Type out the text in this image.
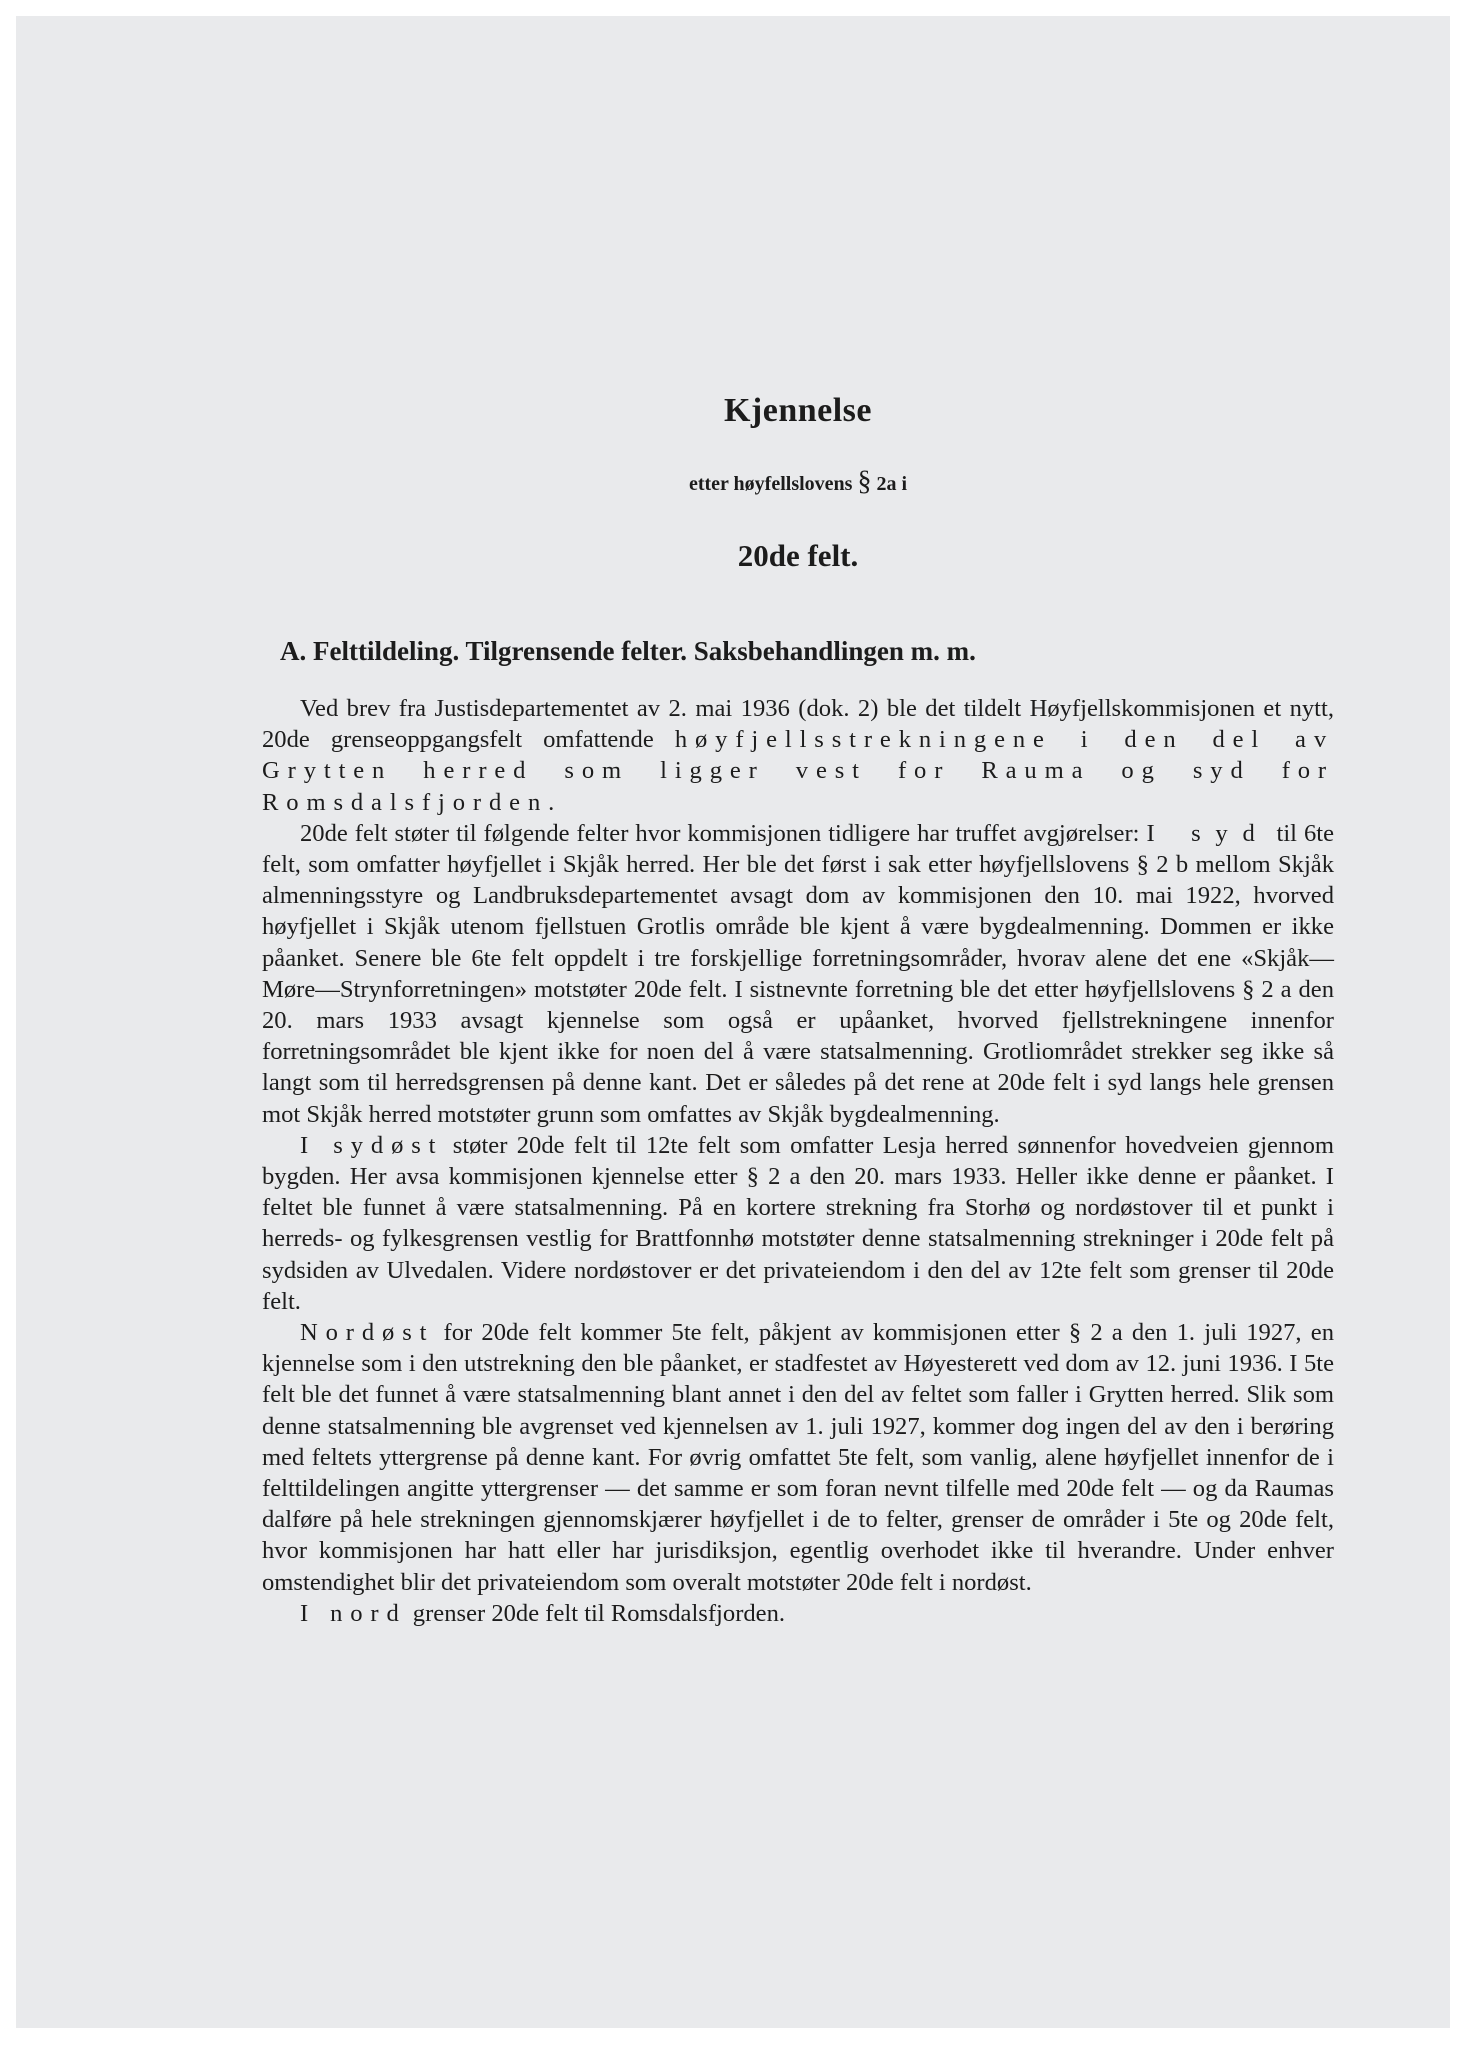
Kjennelse
etter høyfellslovens § 2a i
20de felt.
A. Felttildeling. Tilgrensende felter. Saksbehandlingen m. m.

Ved brev fra Justisdepartementet av 2. mai 1936 (dok. 2) ble det tildelt Høyfjellskommisjonen et nytt, 20de grenseoppgangsfelt omfattende høyfjellsstrekningene i den del av Grytten herred som ligger vest for Rauma og syd for Romsdalsfjorden.

20de felt støter til følgende felter hvor kommisjonen tidligere har truffet avgjørelser: I syd til 6te felt, som omfatter høyfjellet i Skjåk herred. Her ble det først i sak etter høyfjellslovens § 2 b mellom Skjåk almenningsstyre og Landbruksdepartementet avsagt dom av kommisjonen den 10. mai 1922, hvorved høyfjellet i Skjåk utenom fjellstuen Grotlis område ble kjent å være bygdealmenning. Dommen er ikke påanket. Senere ble 6te felt oppdelt i tre forskjellige forretningsområder, hvorav alene det ene «Skjåk—Møre—Strynforretningen» motstøter 20de felt. I sistnevnte forretning ble det etter høyfjellslovens § 2 a den 20. mars 1933 avsagt kjennelse som også er upåanket, hvorved fjellstrekningene innenfor forretningsområdet ble kjent ikke for noen del å være statsalmenning. Grotliområdet strekker seg ikke så langt som til herredsgrensen på denne kant. Det er således på det rene at 20de felt i syd langs hele grensen mot Skjåk herred motstøter grunn som omfattes av Skjåk bygdealmenning.

I sydøst støter 20de felt til 12te felt som omfatter Lesja herred sønnenfor hovedveien gjennom bygden. Her avsa kommisjonen kjennelse etter § 2 a den 20. mars 1933. Heller ikke denne er påanket. I feltet ble funnet å være statsalmenning. På en kortere strekning fra Storhø og nordøstover til et punkt i herreds- og fylkesgrensen vestlig for Brattfonnhø motstøter denne statsalmenning strekninger i 20de felt på sydsiden av Ulvedalen. Videre nordøstover er det privateiendom i den del av 12te felt som grenser til 20de felt.

Nordøst for 20de felt kommer 5te felt, påkjent av kommisjonen etter § 2 a den 1. juli 1927, en kjennelse som i den utstrekning den ble påanket, er stadfestet av Høyesterett ved dom av 12. juni 1936. I 5te felt ble det funnet å være statsalmenning blant annet i den del av feltet som faller i Grytten herred. Slik som denne statsalmenning ble avgrenset ved kjennelsen av 1. juli 1927, kommer dog ingen del av den i berøring med feltets yttergrense på denne kant. For øvrig omfattet 5te felt, som vanlig, alene høyfjellet innenfor de i felttildelingen angitte yttergrenser — det samme er som foran nevnt tilfelle med 20de felt — og da Raumas dalføre på hele strekningen gjennomskjærer høyfjellet i de to felter, grenser de områder i 5te og 20de felt, hvor kommisjonen har hatt eller har jurisdiksjon, egentlig overhodet ikke til hverandre. Under enhver omstendighet blir det privateiendom som overalt motstøter 20de felt i nordøst.

I nord grenser 20de felt til Romsdalsfjorden.
